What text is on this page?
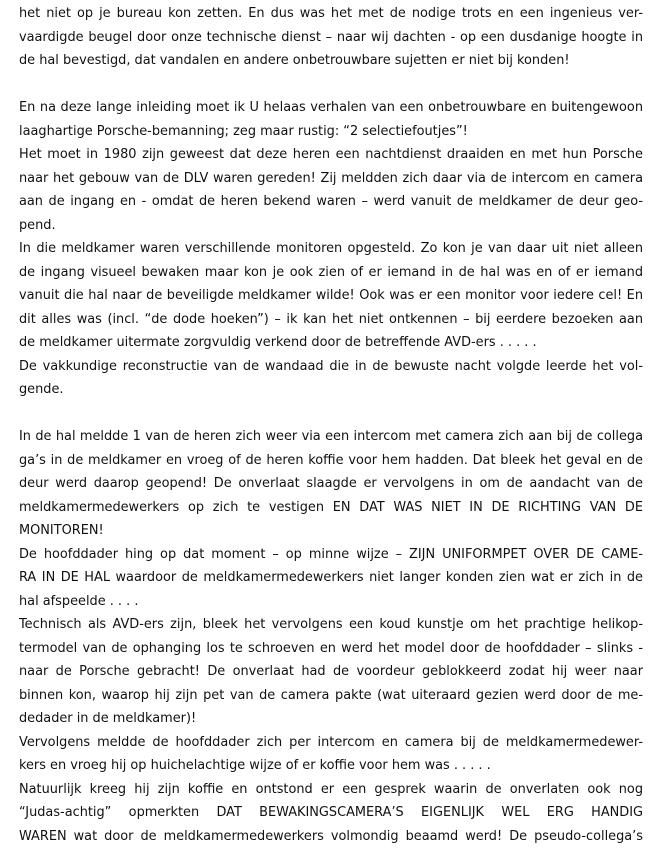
het niet op je bureau kon zetten. En dus was het met de nodige trots en een ingenieus ver-
vaardigde beugel door onze technische dienst – naar wij dachten - op een dusdanige hoogte in
de hal bevestigd, dat vandalen en andere onbetrouwbare sujetten er niet bij konden!
En na deze lange inleiding moet ik U helaas verhalen van een onbetrouwbare en buitengewoon
laaghartige Porsche-bemanning; zeg maar rustig: “2 selectiefoutjes”!
Het moet in 1980 zijn geweest dat deze heren een nachtdienst draaiden en met hun Porsche
naar het gebouw van de DLV waren gereden! Zij meldden zich daar via de intercom en camera
aan de ingang en - omdat de heren bekend waren – werd vanuit de meldkamer de deur geo-
pend.
In die meldkamer waren verschillende monitoren opgesteld. Zo kon je van daar uit niet alleen
de ingang visueel bewaken maar kon je ook zien of er iemand in de hal was en of er iemand
vanuit die hal naar de beveiligde meldkamer wilde! Ook was er een monitor voor iedere cel! En
dit alles was (incl. “de dode hoeken”) – ik kan het niet ontkennen – bij eerdere bezoeken aan
de meldkamer uitermate zorgvuldig verkend door de betreffende AVD-ers . . . . .
De vakkundige reconstructie van de wandaad die in de bewuste nacht volgde leerde het vol-
gende.
In de hal meldde 1 van de heren zich weer via een intercom met camera zich aan bij de collega
ga’s in de meldkamer en vroeg of de heren koffie voor hem hadden. Dat bleek het geval en de
deur werd daarop geopend! De onverlaat slaagde er vervolgens in om de aandacht van de
meldkamermedewerkers op zich te vestigen EN DAT WAS NIET IN DE RICHTING VAN DE
MONITOREN!
De hoofddader hing op dat moment – op minne wijze – ZIJN UNIFORMPET OVER DE CAME-
RA IN DE HAL waardoor de meldkamermedewerkers niet langer konden zien wat er zich in de
hal afspeelde . . . .
Technisch als AVD-ers zijn, bleek het vervolgens een koud kunstje om het prachtige helikop-
termodel van de ophanging los te schroeven en werd het model door de hoofddader – slinks -
naar de Porsche gebracht! De onverlaat had de voordeur geblokkeerd zodat hij weer naar
binnen kon, waarop hij zijn pet van de camera pakte (wat uiteraard gezien werd door de me-
dedader in de meldkamer)!
Vervolgens meldde de hoofddader zich per intercom en camera bij de meldkamermedewer-
kers en vroeg hij op huichelachtige wijze of er koffie voor hem was . . . . .
Natuurlijk kreeg hij zijn koffie en ontstond er een gesprek waarin de onverlaten ook nog
“Judas-achtig” opmerkten DAT BEWAKINGSCAMERA’S EIGENLIJK WEL ERG HANDIG
WAREN wat door de meldkamermedewerkers volmondig beaamd werd! De pseudo-collega’s
